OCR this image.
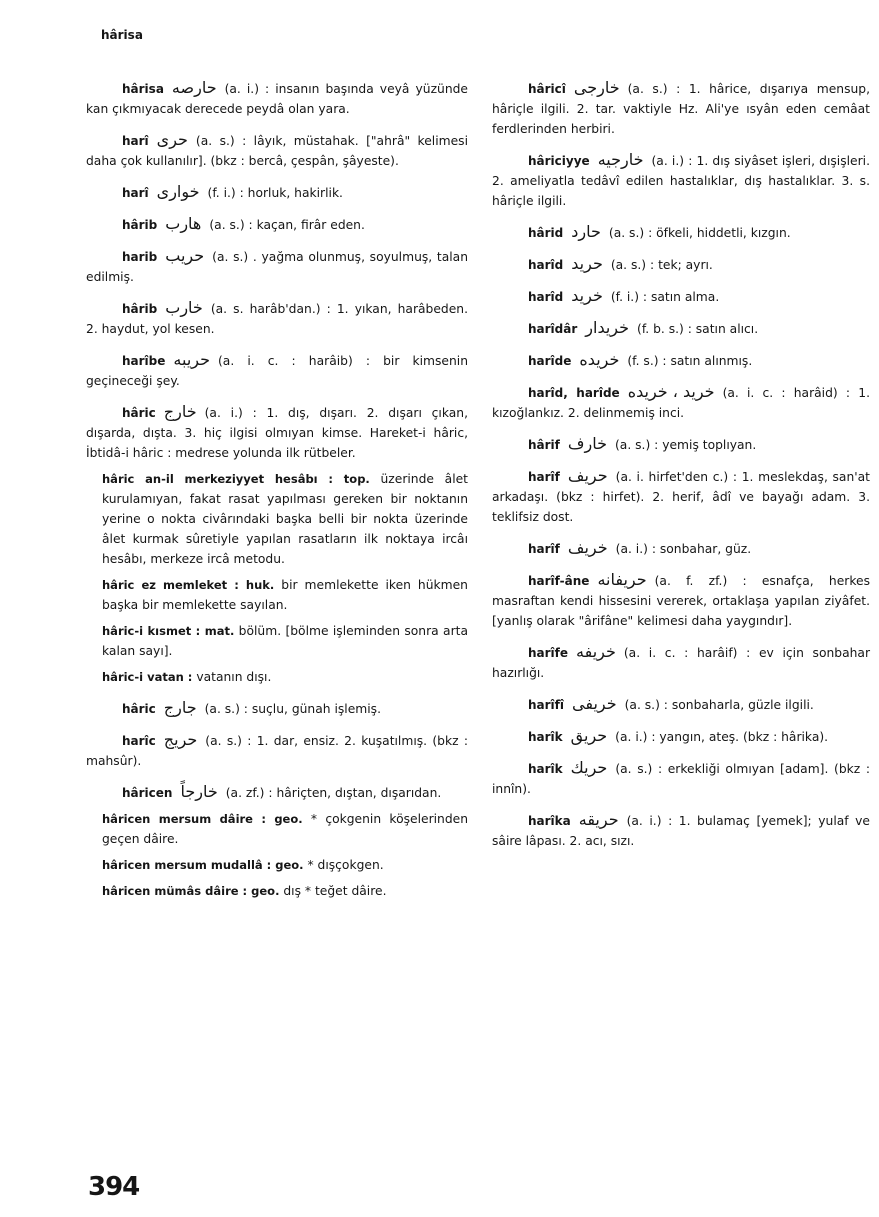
hârisa
hârisa حارصه (a. i.) : insanın başında veyâ yüzünde kan çıkmıyacak derecede peydâ olan yara.
harî حرى (a. s.) : lâyık, müstahak. ["ahrâ" kelimesi daha çok kullanılır]. (bkz : bercâ, çespân, şâyeste).
harî خوارى (f. i.) : horluk, hakirlik.
hârib هارب (a. s.) : kaçan, firâr eden.
harib حريب (a. s.) . yağma olunmuş, soyulmuş, talan edilmiş.
hârib خارب (a. s. harâb'dan.) : 1. yıkan, harâbeden. 2. haydut, yol kesen.
harîbe حريبه (a. i. c. : harâib) : bir kimsenin geçineceği şey.
hâric خارج (a. i.) : 1. dış, dışarı. 2. dışarı çıkan, dışarda, dışta. 3. hiç ilgisi olmıyan kimse. Hareket-i hâric, İbtidâ-i hâric : medrese yolunda ilk rütbeler.
hâric an-il merkeziyyet hesâbı : top. üzerinde âlet kurulamıyan, fakat rasat yapılması gereken bir noktanın yerine o nokta civârındaki başka belli bir nokta üzerinde âlet kurmak sûretiyle yapılan rasatların ilk noktaya ircâı hesâbı, merkeze ircâ metodu.
hâric ez memleket : huk. bir memlekette iken hükmen başka bir memlekette sayılan.
hâric-i kısmet : mat. bölüm. [bölme işleminden sonra arta kalan sayı].
hâric-i vatan : vatanın dışı.
hâric جارج (a. s.) : suçlu, günah işlemiş.
harîc حريج (a. s.) : 1. dar, ensiz. 2. kuşatılmış. (bkz : mahsûr).
hâricen خارجاً (a. zf.) : hâriçten, dıştan, dışarıdan.
hâricen mersum dâire : geo. * çokgenin köşelerinden geçen dâire.
hâricen mersum mudallâ : geo. * dışçokgen.
hâricen mümâs dâire : geo. dış * teğet dâire.
hâricî خارجى (a. s.) : 1. hâricе, dışarıya mensup, hâriçle ilgili. 2. tar. vaktiyle Hz. Ali'ye ısyân eden cemâat ferdlerinden herbiri.
hâriciyye خارجيه (a. i.) : 1. dış siyâset işleri, dışişleri. 2. ameliyatla tedâvî edilen hastalıklar, dış hastalıklar. 3. s. hâriçle ilgili.
hârid حارد (a. s.) : öfkeli, hiddetli, kızgın.
harîd حريد (a. s.) : tek; ayrı.
harîd خريد (f. i.) : satın alma.
harîdâr خريدار (f. b. s.) : satın alıcı.
harîde خريده (f. s.) : satın alınmış.
harîd, harîde خريد ، خريده (a. i. c. : harâid) : 1. kızoğlankız. 2. delinmemiş inci.
hârif خارف (a. s.) : yemiş toplıyan.
harîf حريف (a. i. hirfet'den c.) : 1. meslekdaş, san'at arkadaşı. (bkz : hirfet). 2. herif, âdî ve bayağı adam. 3. teklifsiz dost.
harîf خريف (a. i.) : sonbahar, güz.
harîf-âne حريفانه (a. f. zf.) : esnafça, herkes masraftan kendi hissesini vererek, ortaklaşa yapılan ziyâfet. [yanlış olarak "ârifâne" kelimesi daha yaygındır].
harîfe خريفه (a. i. c. : harâif) : ev için sonbahar hazırlığı.
harîfî خريفى (a. s.) : sonbaharla, güzle ilgili.
harîk حريق (a. i.) : yangın, ateş. (bkz : hârika).
harîk حريك (a. s.) : erkekliği olmıyan [adam]. (bkz : innîn).
harîka حريقه (a. i.) : 1. bulamaç [yemek]; yulaf ve sâire lâpası. 2. acı, sızı.
394
